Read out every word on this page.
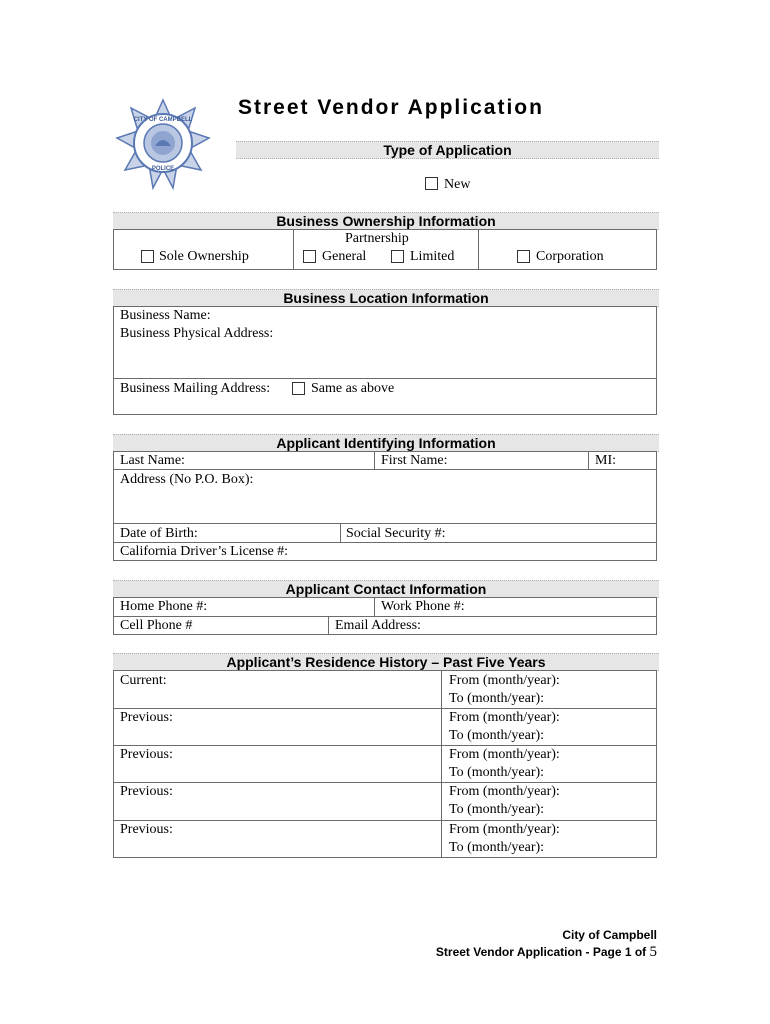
CITY OF CAMPBELL
POLICE
Street Vendor Application
Type of Application
New
Business Ownership Information
Sole Ownership
Partnership
General	Limited	Corporation
Business Location Information
Business Name:
Business Physical Address:
Business Mailing Address:	Same as above
Applicant Identifying Information
Last Name:	First Name:	MI:
Address (No P.O. Box):
Date of Birth:	Social Security #:
California Driver’s License #:
Applicant Contact Information
Home Phone #:	Work Phone #:
Cell Phone #	Email Address:
Applicant’s Residence History – Past Five Years
Current:	From (month/year):
To (month/year):
Previous:	From (month/year):
To (month/year):
Previous:	From (month/year):
To (month/year):
Previous:	From (month/year):
To (month/year):
Previous:	From (month/year):
To (month/year):
City of Campbell
Street Vendor Application - Page 1 of 5
